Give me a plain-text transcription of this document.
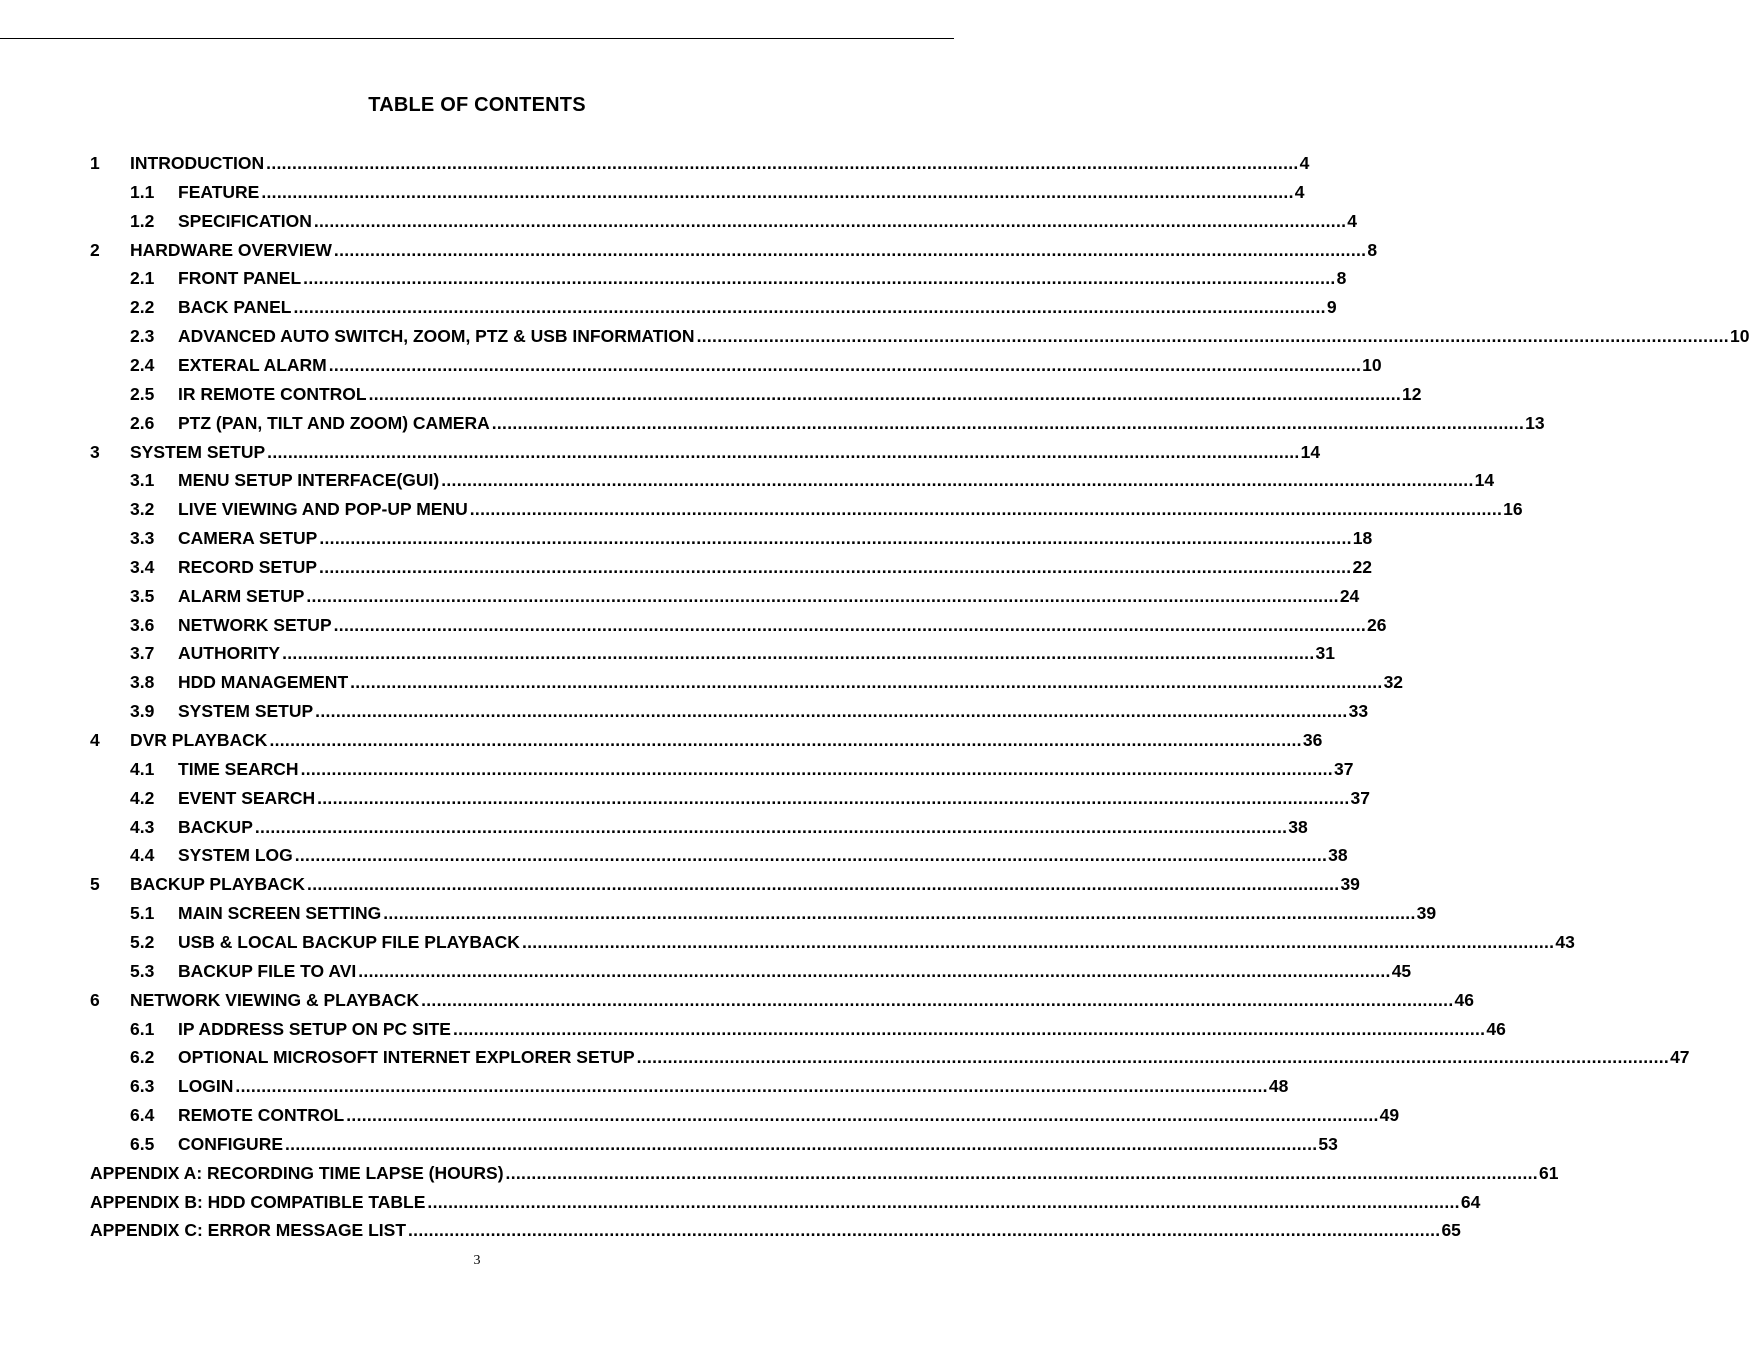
TABLE OF CONTENTS
1	INTRODUCTION ........................................................................................................................................................................................................ 4
1.1	FEATURE ........................................................................................................................................................................................................ 4
1.2	SPECIFICATION ........................................................................................................................................................................................................ 4
2	HARDWARE OVERVIEW ........................................................................................................................................................................................................ 8
2.1	FRONT PANEL ........................................................................................................................................................................................................ 8
2.2	BACK PANEL ........................................................................................................................................................................................................ 9
2.3	ADVANCED AUTO SWITCH, ZOOM, PTZ & USB INFORMATION ........................................................................................................................................................................................................ 10
2.4	EXTERAL ALARM ........................................................................................................................................................................................................ 10
2.5	IR REMOTE CONTROL ........................................................................................................................................................................................................ 12
2.6	PTZ (PAN, TILT AND ZOOM) CAMERA ........................................................................................................................................................................................................ 13
3	SYSTEM SETUP ........................................................................................................................................................................................................ 14
3.1	MENU SETUP INTERFACE(GUI) ........................................................................................................................................................................................................ 14
3.2	LIVE VIEWING AND POP-UP MENU ........................................................................................................................................................................................................ 16
3.3	CAMERA SETUP ........................................................................................................................................................................................................ 18
3.4	RECORD SETUP ........................................................................................................................................................................................................ 22
3.5	ALARM SETUP ........................................................................................................................................................................................................ 24
3.6	NETWORK SETUP ........................................................................................................................................................................................................ 26
3.7	AUTHORITY ........................................................................................................................................................................................................ 31
3.8	HDD MANAGEMENT ........................................................................................................................................................................................................ 32
3.9	SYSTEM SETUP ........................................................................................................................................................................................................ 33
4	DVR PLAYBACK ........................................................................................................................................................................................................ 36
4.1	TIME SEARCH ........................................................................................................................................................................................................ 37
4.2	EVENT SEARCH ........................................................................................................................................................................................................ 37
4.3	BACKUP ........................................................................................................................................................................................................ 38
4.4	SYSTEM LOG ........................................................................................................................................................................................................ 38
5	BACKUP PLAYBACK ........................................................................................................................................................................................................ 39
5.1	MAIN SCREEN SETTING ........................................................................................................................................................................................................ 39
5.2	USB & LOCAL BACKUP FILE PLAYBACK ........................................................................................................................................................................................................ 43
5.3	BACKUP FILE TO AVI ........................................................................................................................................................................................................ 45
6	NETWORK VIEWING & PLAYBACK ........................................................................................................................................................................................................ 46
6.1	IP ADDRESS SETUP ON PC SITE ........................................................................................................................................................................................................ 46
6.2	OPTIONAL MICROSOFT INTERNET EXPLORER SETUP ........................................................................................................................................................................................................ 47
6.3	LOGIN ........................................................................................................................................................................................................ 48
6.4	REMOTE CONTROL ........................................................................................................................................................................................................ 49
6.5	CONFIGURE ........................................................................................................................................................................................................ 53
APPENDIX A: RECORDING TIME LAPSE (HOURS) ........................................................................................................................................................................................................ 61
APPENDIX B: HDD COMPATIBLE TABLE ........................................................................................................................................................................................................ 64
APPENDIX C: ERROR MESSAGE LIST ........................................................................................................................................................................................................ 65
3
